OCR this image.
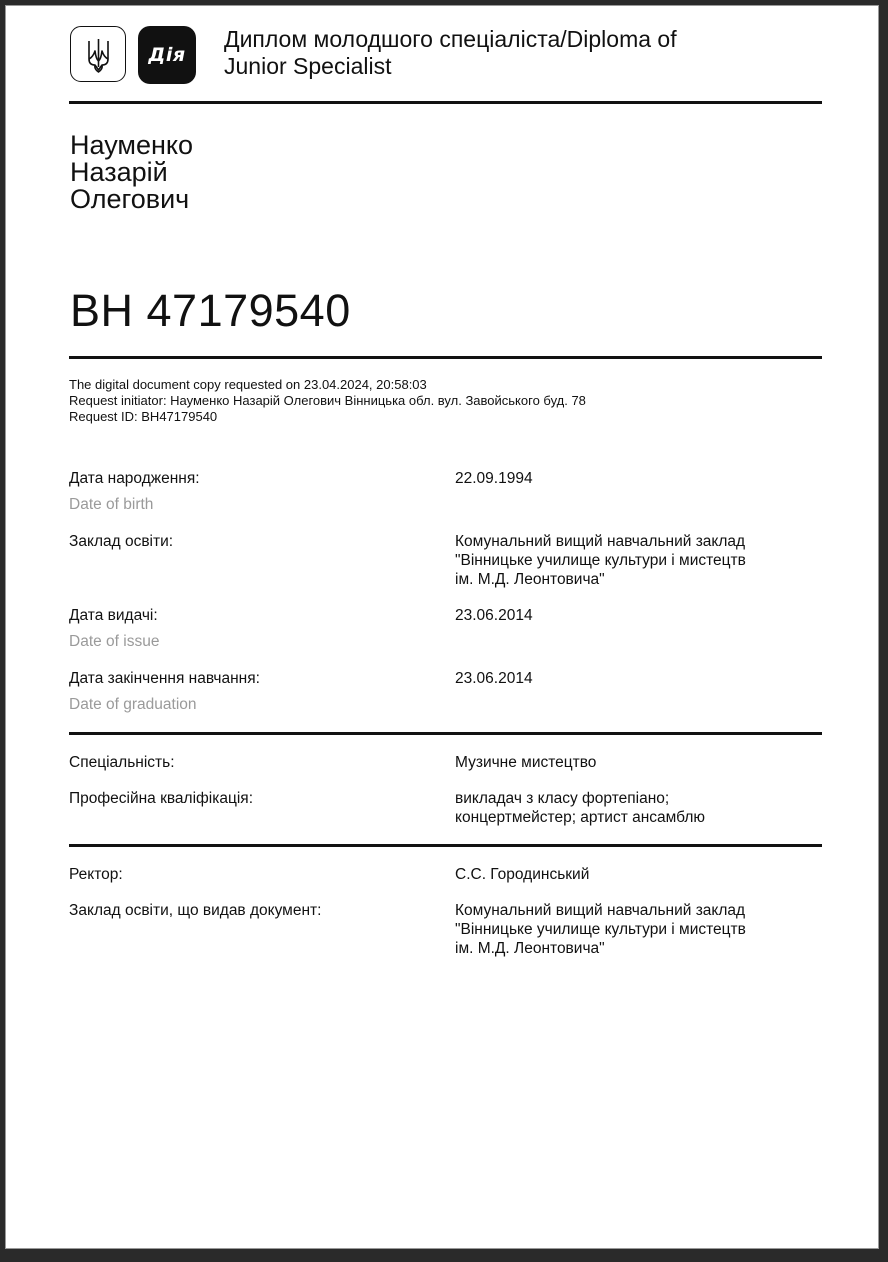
Дія
Диплом молодшого спеціаліста/Diploma of
Junior Specialist
Науменко
Назарій
Олегович
ВН 47179540
The digital document copy requested on 23.04.2024, 20:58:03
Request initiator: Науменко Назарій Олегович Вінницька обл. вул. Завойського буд. 78
Request ID: ВН47179540
Дата народження:
Date of birth
22.09.1994
Заклад освіти:	Комунальний вищий навчальний заклад
"Вінницьке училище культури і мистецтв
ім. М.Д. Леонтовича"
Дата видачі:
Date of issue
23.06.2014
Дата закінчення навчання:
Date of graduation
23.06.2014
Спеціальність:	Музичне мистецтво
Професійна кваліфікація:	викладач з класу фортепіано;
концертмейстер; артист ансамблю
Ректор:	С.С. Городинський
Заклад освіти, що видав документ:	Комунальний вищий навчальний заклад
"Вінницьке училище культури і мистецтв
ім. М.Д. Леонтовича"
